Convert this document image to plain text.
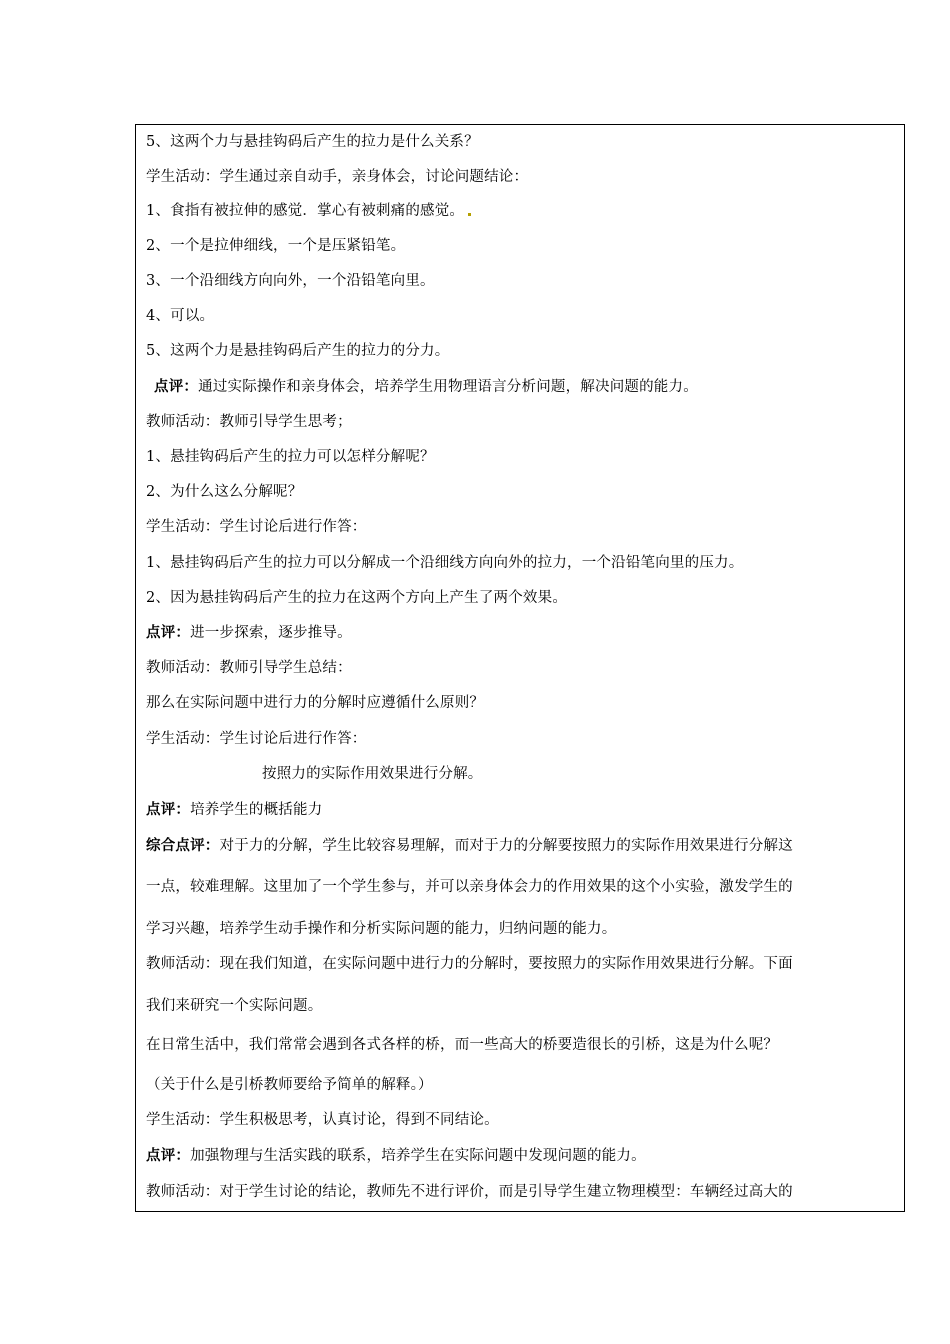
5、这两个力与悬挂钩码后产生的拉力是什么关系？
学生活动：学生通过亲自动手，亲身体会，讨论问题结论：
1、食指有被拉伸的感觉．掌心有被刺痛的感觉。
2、一个是拉伸细线，一个是压紧铅笔。
3、一个沿细线方向向外，一个沿铅笔向里。
4、可以。
5、这两个力是悬挂钩码后产生的拉力的分力。
点评：通过实际操作和亲身体会，培养学生用物理语言分析问题，解决问题的能力。
教师活动：教师引导学生思考；
1、悬挂钩码后产生的拉力可以怎样分解呢？
2、为什么这么分解呢？
学生活动：学生讨论后进行作答：
1、悬挂钩码后产生的拉力可以分解成一个沿细线方向向外的拉力，一个沿铅笔向里的压力。
2、因为悬挂钩码后产生的拉力在这两个方向上产生了两个效果。
点评：进一步探索，逐步推导。
教师活动：教师引导学生总结：
那么在实际问题中进行力的分解时应遵循什么原则？
学生活动：学生讨论后进行作答：
按照力的实际作用效果进行分解。
点评：培养学生的概括能力
综合点评：对于力的分解，学生比较容易理解，而对于力的分解要按照力的实际作用效果进行分解这
一点，较难理解。这里加了一个学生参与，并可以亲身体会力的作用效果的这个小实验，激发学生的
学习兴趣，培养学生动手操作和分析实际问题的能力，归纳问题的能力。
教师活动：现在我们知道，在实际问题中进行力的分解时，要按照力的实际作用效果进行分解。下面
我们来研究一个实际问题。
在日常生活中，我们常常会遇到各式各样的桥，而一些高大的桥要造很长的引桥，这是为什么呢？
（关于什么是引桥教师要给予简单的解释。）
学生活动：学生积极思考，认真讨论，得到不同结论。
点评：加强物理与生活实践的联系，培养学生在实际问题中发现问题的能力。
教师活动：对于学生讨论的结论，教师先不进行评价，而是引导学生建立物理模型：车辆经过高大的
